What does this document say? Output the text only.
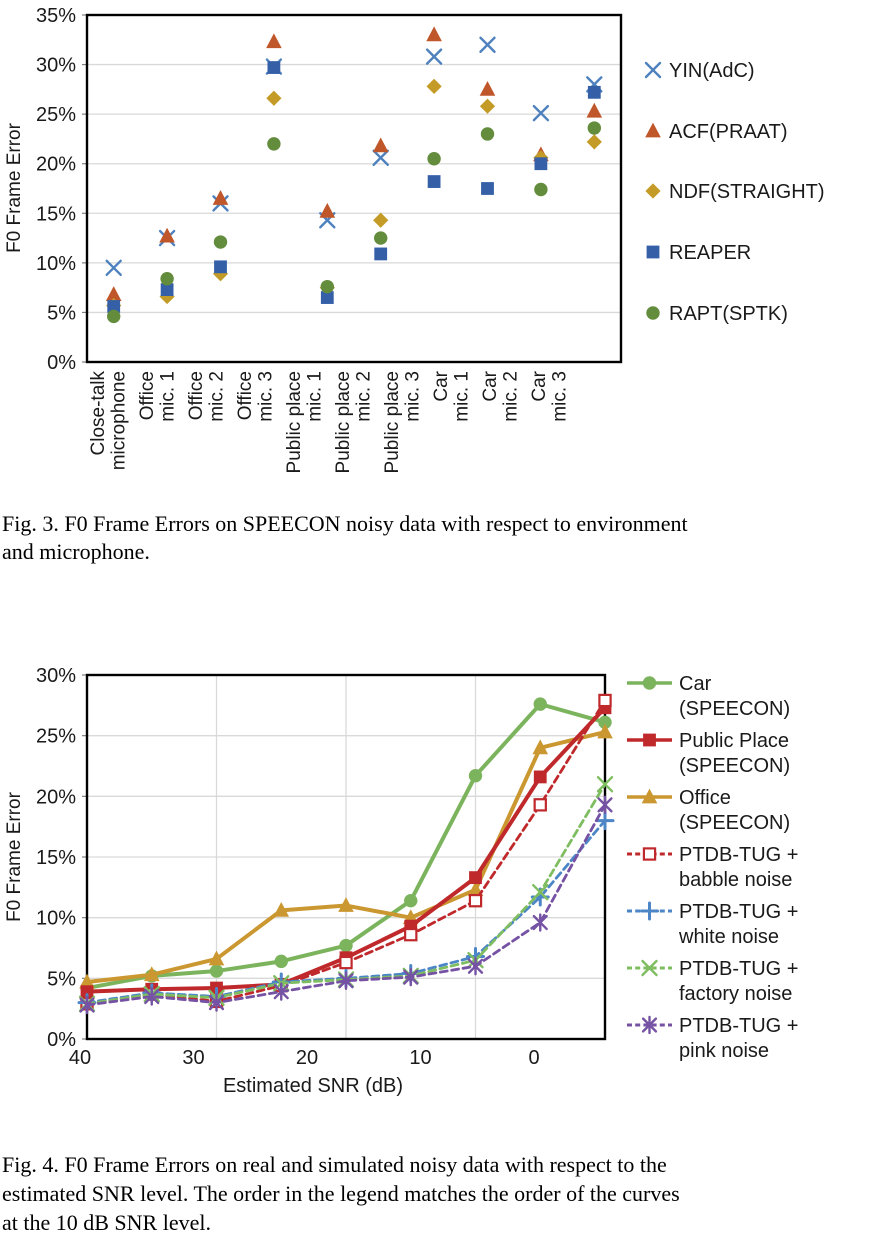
0%
5%
10%
15%
20%
25%
30%
35%
F0 Frame Error
Close-talk microphone Office mic. 1 Office mic. 2 Office mic. 3 Public place mic. 1 Public place mic. 2 Public place mic. 3 Car mic. 1 Car mic. 2 Car mic. 3
YIN(AdC)
ACF(PRAAT)
NDF(STRAIGHT)
REAPER
RAPT(SPTK)
Fig. 3. F0 Frame Errors on SPEECON noisy data with respect to environment
and microphone.
0%
5%
10%
15%
20%
25%
30%
F0 Frame Error
40	30	20	10	0
Estimated SNR (dB)
Car
(SPEECON)
Public Place
(SPEECON)
Office
(SPEECON)
PTDB-TUG +
babble noise
PTDB-TUG +
white noise
PTDB-TUG +
factory noise
PTDB-TUG +
pink noise
Fig. 4. F0 Frame Errors on real and simulated noisy data with respect to the
estimated SNR level. The order in the legend matches the order of the curves
at the 10 dB SNR level.
